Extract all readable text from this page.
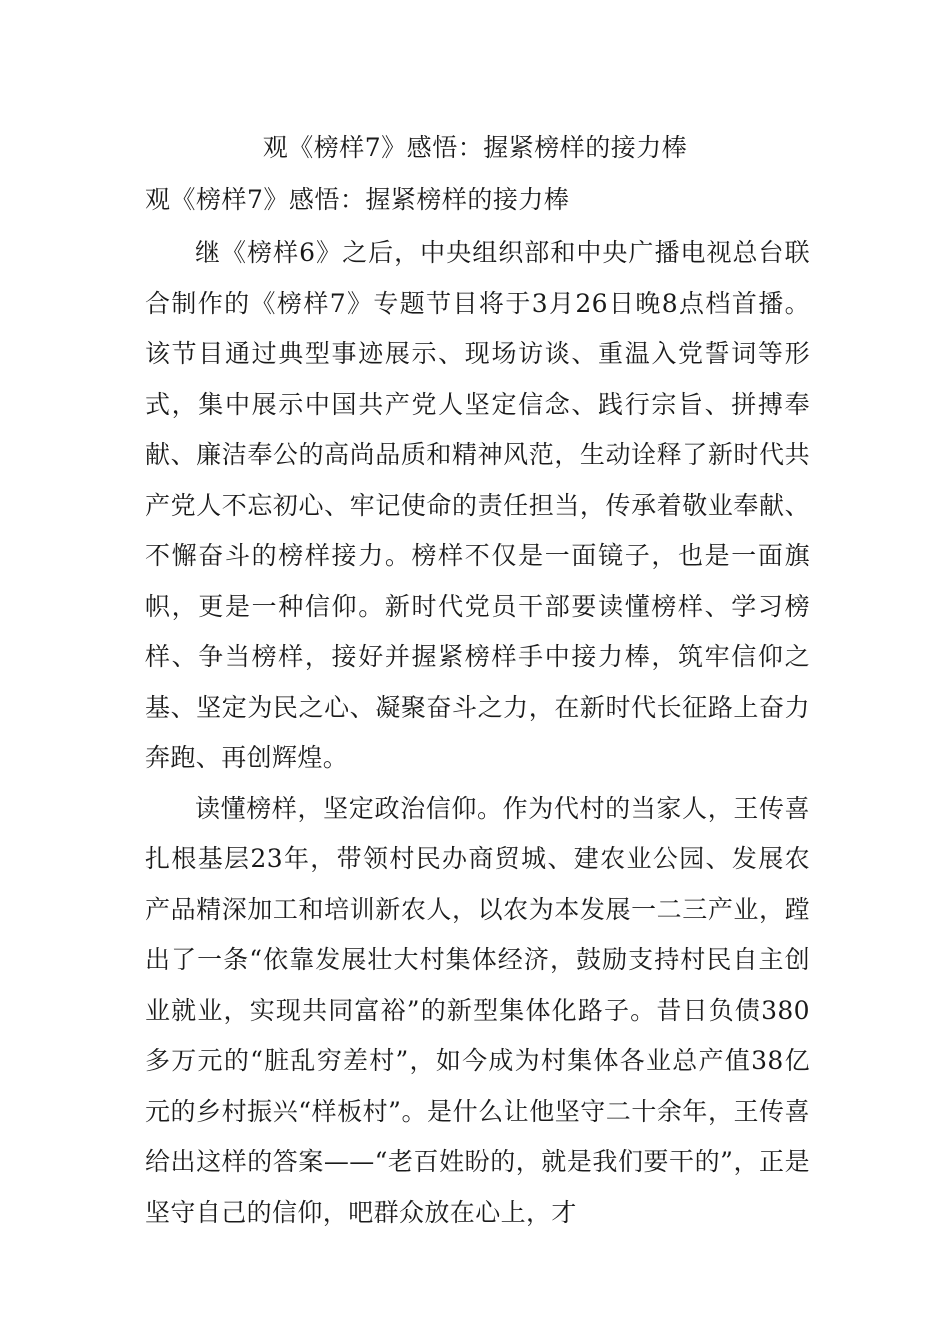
观《榜样7》感悟：握紧榜样的接力棒
观《榜样7》感悟：握紧榜样的接力棒

继《榜样6》之后，中央组织部和中央广播电视总台联合制作的《榜样7》专题节目将于3月26日晚8点档首播。该节目通过典型事迹展示、现场访谈、重温入党誓词等形式，集中展示中国共产党人坚定信念、践行宗旨、拼搏奉献、廉洁奉公的高尚品质和精神风范，生动诠释了新时代共产党人不忘初心、牢记使命的责任担当，传承着敬业奉献、不懈奋斗的榜样接力。榜样不仅是一面镜子，也是一面旗帜，更是一种信仰。新时代党员干部要读懂榜样、学习榜样、争当榜样，接好并握紧榜样手中接力棒，筑牢信仰之基、坚定为民之心、凝聚奋斗之力，在新时代长征路上奋力奔跑、再创辉煌。

读懂榜样，坚定政治信仰。作为代村的当家人，王传喜扎根基层23年，带领村民办商贸城、建农业公园、发展农产品精深加工和培训新农人，以农为本发展一二三产业，蹚出了一条“依靠发展壮大村集体经济，鼓励支持村民自主创业就业，实现共同富裕”的新型集体化路子。昔日负债380多万元的“脏乱穷差村”，如今成为村集体各业总产值38亿元的乡村振兴“样板村”。是什么让他坚守二十余年，王传喜给出这样的答案——“老百姓盼的，就是我们要干的”，正是坚守自己的信仰，吧群众放在心上，才
